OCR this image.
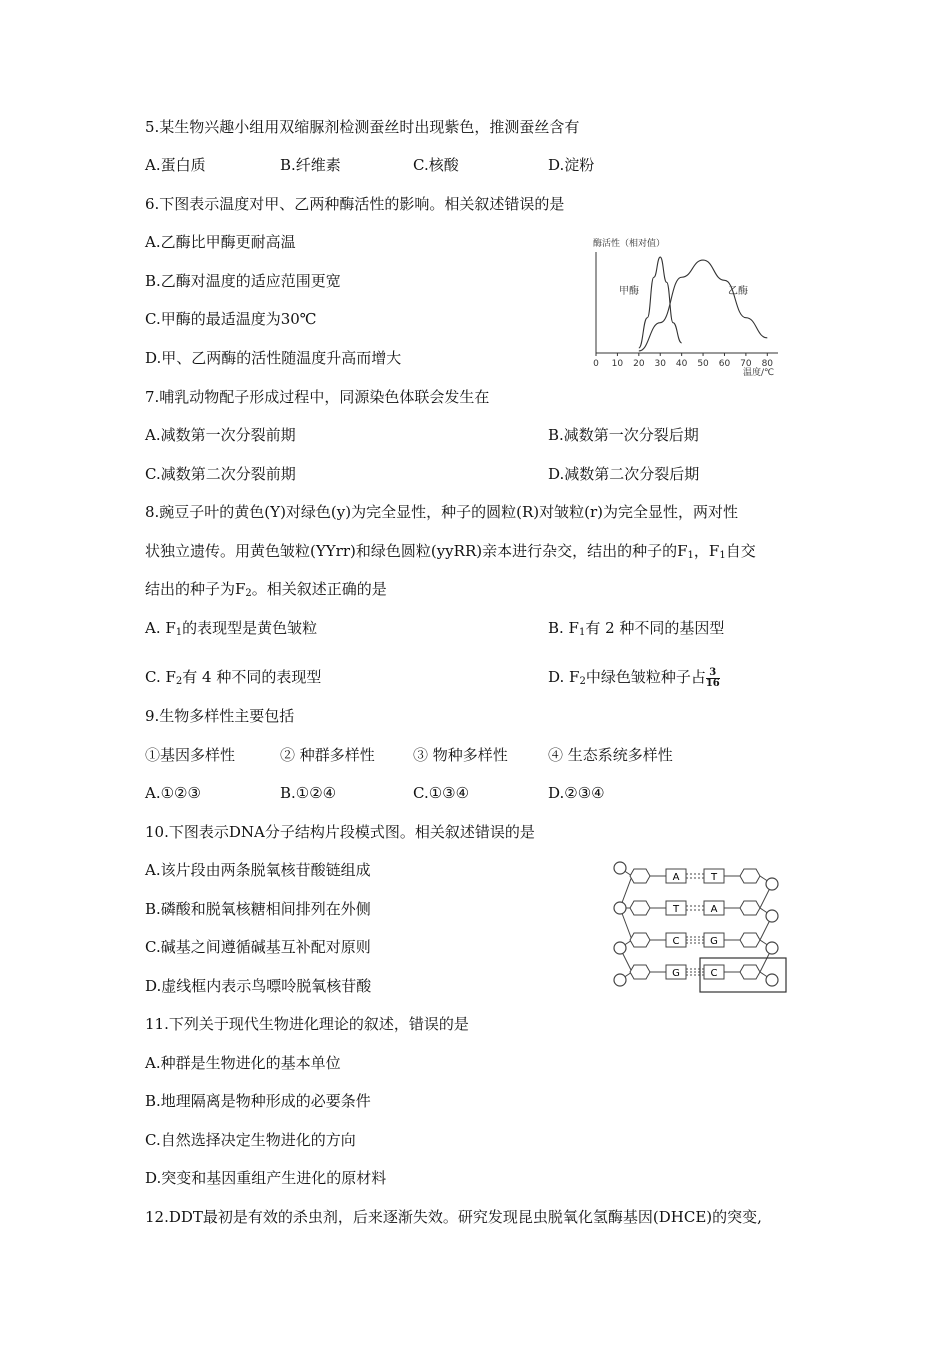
5.某生物兴趣小组用双缩脲剂检测蚕丝时出现紫色，推测蚕丝含有
A.蛋白质	B.纤维素	C.核酸	D.淀粉
6.下图表示温度对甲、乙两种酶活性的影响。相关叙述错误的是
A.乙酶比甲酶更耐高温
B.乙酶对温度的适应范围更宽
C.甲酶的最适温度为30℃
D.甲、乙两酶的活性随温度升高而增大
酶活性（相对值）
0 10 20 30 40 50 60 70 80
甲酶	乙酶
温度/℃
7.哺乳动物配子形成过程中，同源染色体联会发生在
A.减数第一次分裂前期	B.减数第一次分裂后期
C.减数第二次分裂前期	D.减数第二次分裂后期
8.豌豆子叶的黄色(Y)对绿色(y)为完全显性，种子的圆粒(R)对皱粒(r)为完全显性，两对性
状独立遗传。用黄色皱粒(YYrr)和绿色圆粒(yyRR)亲本进行杂交，结出的种子的$F_1$，$F_1$自交
结出的种子为$F_2$。相关叙述正确的是
A. $F_1$的表现型是黄色皱粒	B. $F_1$有 2 种不同的基因型
C. $F_2$有 4 种不同的表现型	D. $F_2$中绿色皱粒种子占 $\frac{3}{16}$
9.生物多样性主要包括
①基因多样性	② 种群多样性	③ 物种多样性	④ 生态系统多样性
A.①②③	B.①②④	C.①③④	D.②③④
10.下图表示DNA分子结构片段模式图。相关叙述错误的是
A.该片段由两条脱氧核苷酸链组成
B.磷酸和脱氧核糖相间排列在外侧
C.碱基之间遵循碱基互补配对原则
D.虚线框内表示鸟嘌呤脱氧核苷酸
A	T
T	A
C	G
G	C
11.下列关于现代生物进化理论的叙述，错误的是
A.种群是生物进化的基本单位
B.地理隔离是物种形成的必要条件
C.自然选择决定生物进化的方向
D.突变和基因重组产生进化的原材料
12.DDT最初是有效的杀虫剂，后来逐渐失效。研究发现昆虫脱氧化氢酶基因(DHCE)的突变,
